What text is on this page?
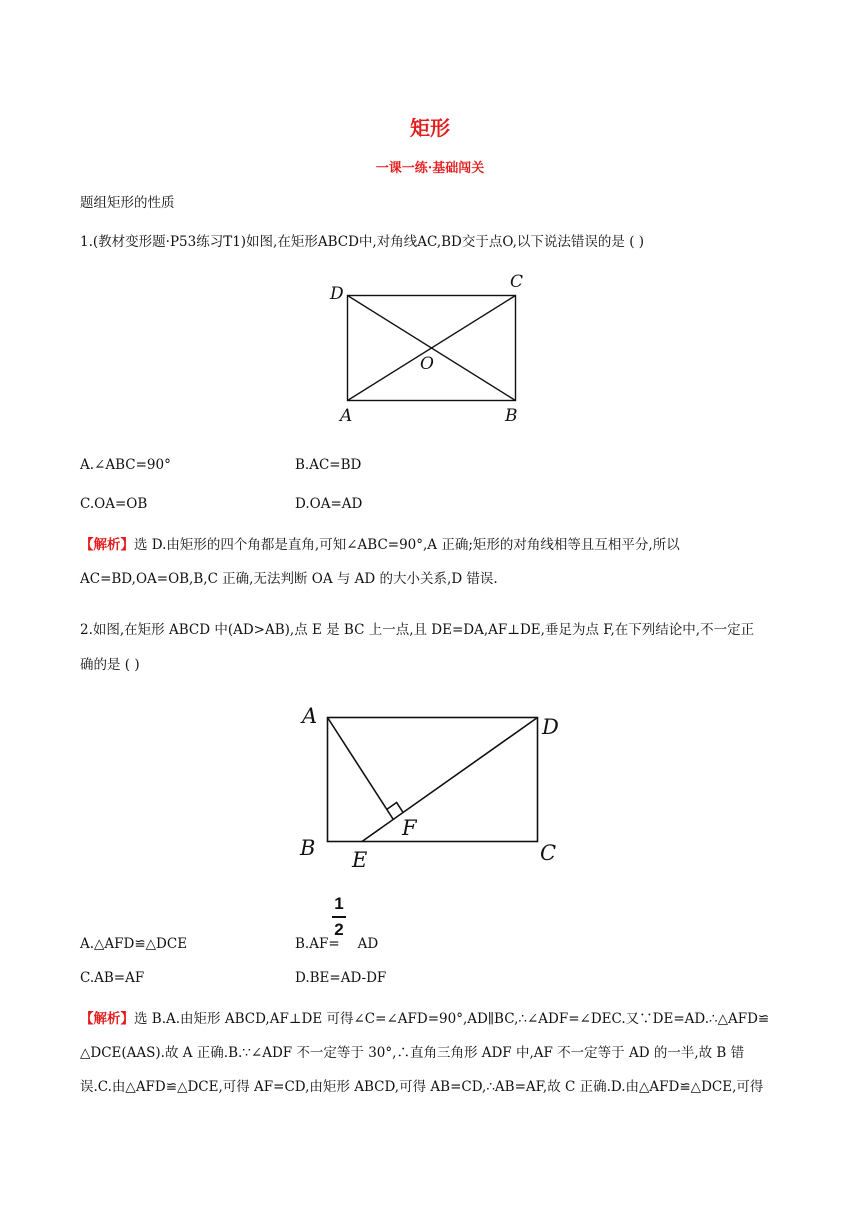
矩形
一课一练·基础闯关
题组矩形的性质
1.(教材变形题·P53练习T1)如图,在矩形ABCD中,对角线AC,BD交于点O,以下说法错误的是 ( )
D
C
O
A	B
A.∠ABC=90°	B.AC=BD
C.OA=OB	D.OA=AD
【解析】选 D.由矩形的四个角都是直角,可知∠ABC=90°,A 正确;矩形的对角线相等且互相平分,所以
AC=BD,OA=OB,B,C 正确,无法判断 OA 与 AD 的大小关系,D 错误.
2.如图,在矩形 ABCD 中(AD>AB),点 E 是 BC 上一点,且 DE=DA,AF⊥DE,垂足为点 F,在下列结论中,不一定正
确的是 ( )
A	D
B E
F
C
A.△AFD≌△DCE	B.AF= AD
1
2
C.AB=AF	D.BE=AD-DF
【解析】选 B.A.由矩形 ABCD,AF⊥DE 可得∠C=∠AFD=90°,AD∥BC,∴∠ADF=∠DEC.又∵DE=AD.∴△AFD≌
△DCE(AAS).故 A 正确.B.∵∠ADF 不一定等于 30°,∴直角三角形 ADF 中,AF 不一定等于 AD 的一半,故 B 错
误.C.由△AFD≌△DCE,可得 AF=CD,由矩形 ABCD,可得 AB=CD,∴AB=AF,故 C 正确.D.由△AFD≌△DCE,可得
